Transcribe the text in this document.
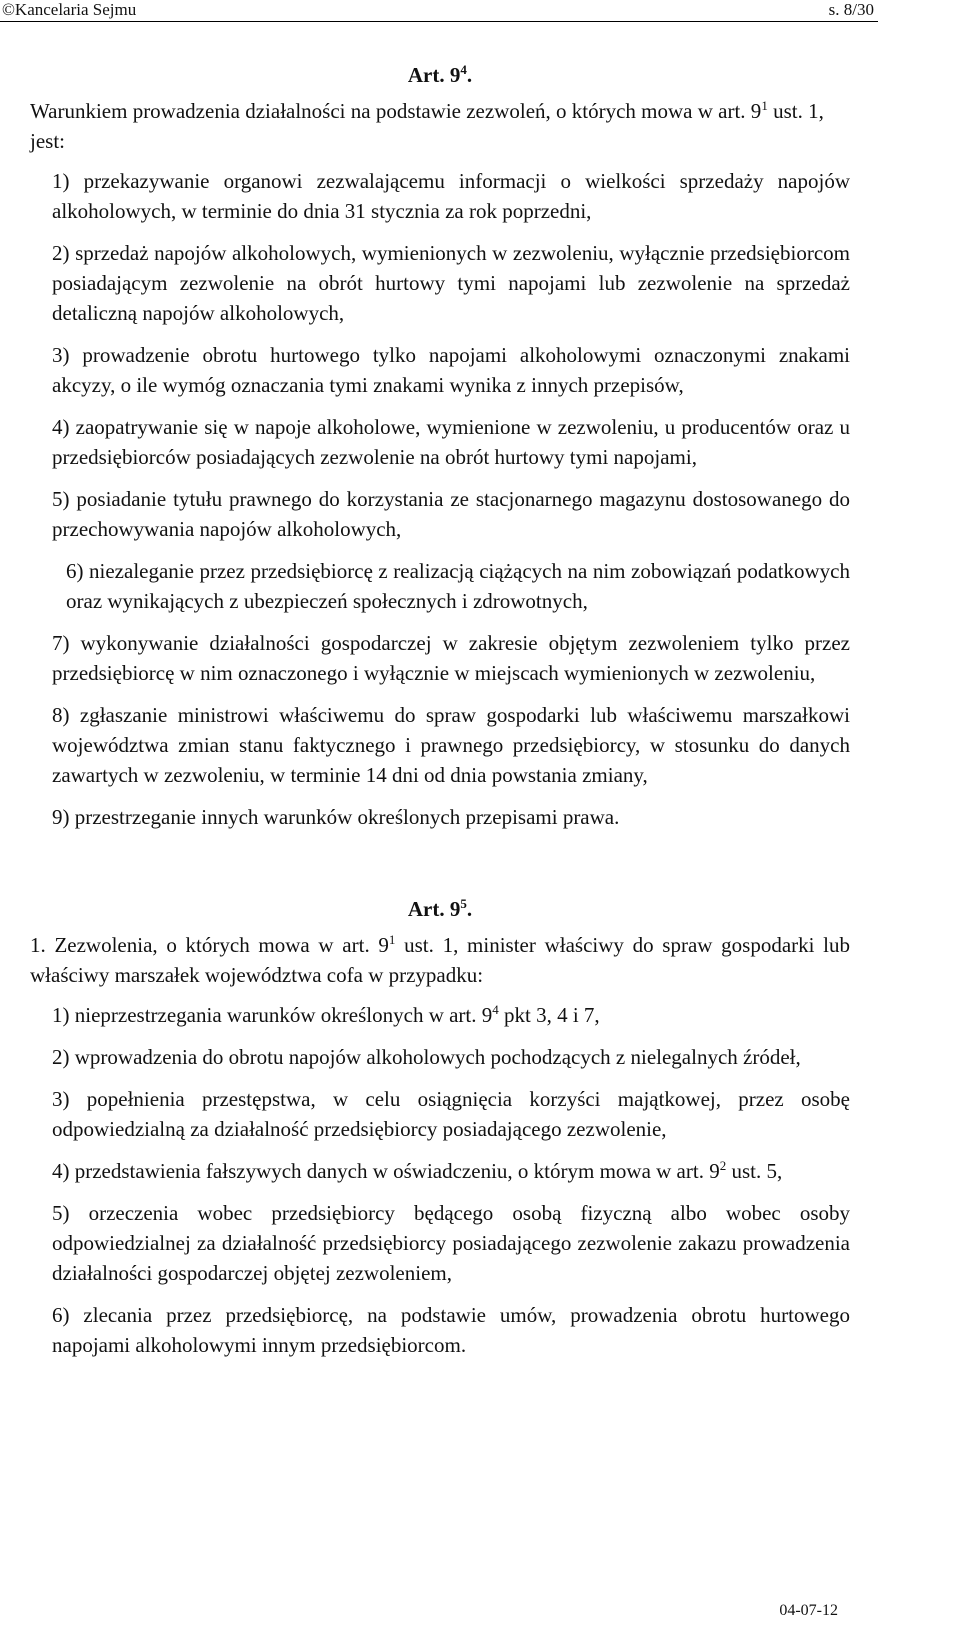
©Kancelaria Sejmu	s. 8/30
Art. $9^4$.

Warunkiem prowadzenia działalności na podstawie zezwoleń, o których mowa w art. $9^1$ ust. 1, jest:

1) przekazywanie organowi zezwalającemu informacji o wielkości sprzedaży napojów alkoholowych, w terminie do dnia 31 stycznia za rok poprzedni,

2) sprzedaż napojów alkoholowych, wymienionych w zezwoleniu, wyłącznie przedsiębiorcom posiadającym zezwolenie na obrót hurtowy tymi napojami lub zezwolenie na sprzedaż detaliczną napojów alkoholowych,

3) prowadzenie obrotu hurtowego tylko napojami alkoholowymi oznaczonymi znakami akcyzy, o ile wymóg oznaczania tymi znakami wynika z innych przepisów,

4) zaopatrywanie się w napoje alkoholowe, wymienione w zezwoleniu, u producentów oraz u przedsiębiorców posiadających zezwolenie na obrót hurtowy tymi napojami,

5) posiadanie tytułu prawnego do korzystania ze stacjonarnego magazynu dostosowanego do przechowywania napojów alkoholowych,

6) niezaleganie przez przedsiębiorcę z realizacją ciążących na nim zobowiązań podatkowych oraz wynikających z ubezpieczeń społecznych i zdrowotnych,

7) wykonywanie działalności gospodarczej w zakresie objętym zezwoleniem tylko przez przedsiębiorcę w nim oznaczonego i wyłącznie w miejscach wymienionych w zezwoleniu,

8) zgłaszanie ministrowi właściwemu do spraw gospodarki lub właściwemu marszałkowi województwa zmian stanu faktycznego i prawnego przedsiębiorcy, w stosunku do danych zawartych w zezwoleniu, w terminie 14 dni od dnia powstania zmiany,

9) przestrzeganie innych warunków określonych przepisami prawa.

Art. $9^5$.

1. Zezwolenia, o których mowa w art. $9^1$ ust. 1, minister właściwy do spraw gospodarki lub właściwy marszałek województwa cofa w przypadku:

1) nieprzestrzegania warunków określonych w art. $9^4$ pkt 3, 4 i 7,

2) wprowadzenia do obrotu napojów alkoholowych pochodzących z nielegalnych źródeł,

3) popełnienia przestępstwa, w celu osiągnięcia korzyści majątkowej, przez osobę odpowiedzialną za działalność przedsiębiorcy posiadającego zezwolenie,

4) przedstawienia fałszywych danych w oświadczeniu, o którym mowa w art. $9^2$ ust. 5,

5) orzeczenia wobec przedsiębiorcy będącego osobą fizyczną albo wobec osoby odpowiedzialnej za działalność przedsiębiorcy posiadającego zezwolenie zakazu prowadzenia działalności gospodarczej objętej zezwoleniem,

6) zlecania przez przedsiębiorcę, na podstawie umów, prowadzenia obrotu hurtowego napojami alkoholowymi innym przedsiębiorcom.

04-07-12
